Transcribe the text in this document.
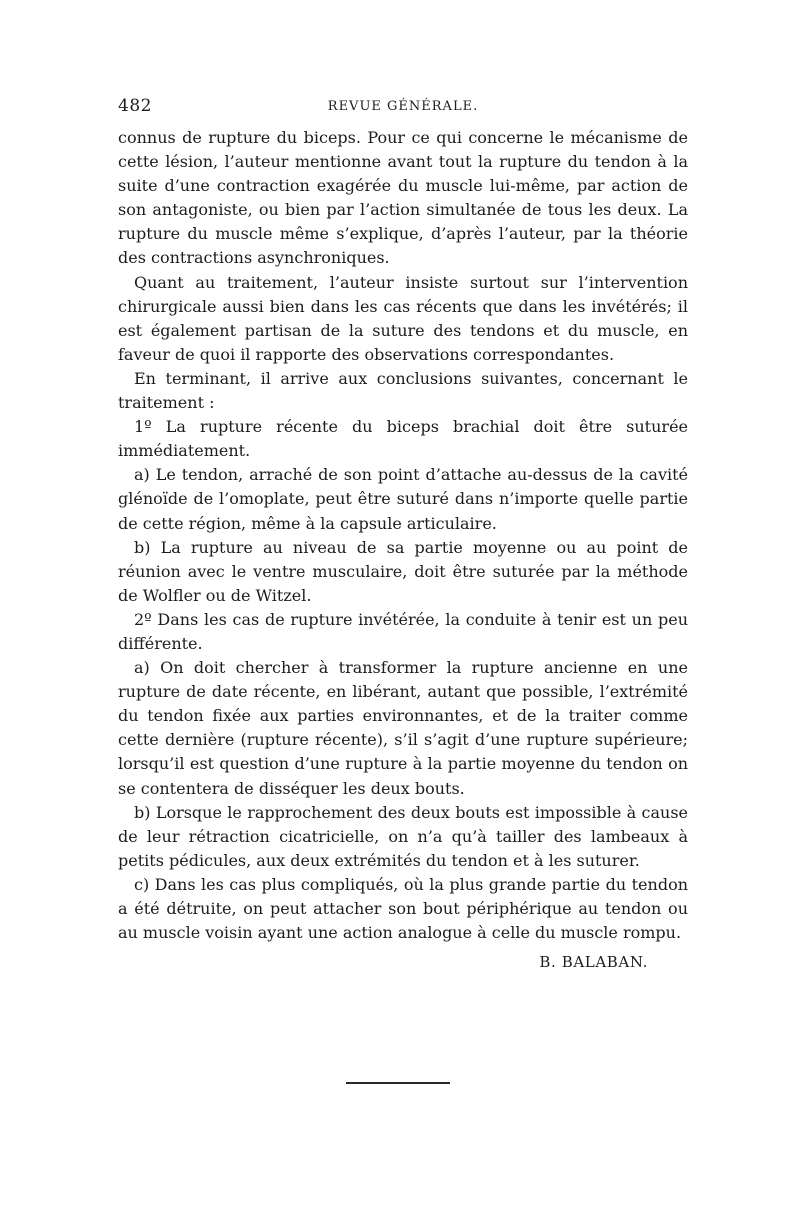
482	REVUE GÉNÉRALE.

connus de rupture du biceps. Pour ce qui concerne le mécanisme de cette lésion, l’auteur mentionne avant tout la rupture du tendon à la suite d’une contraction exagérée du muscle lui-même, par action de son antagoniste, ou bien par l’action simultanée de tous les deux. La rupture du muscle même s’explique, d’après l’auteur, par la théorie des contractions asynchroniques.

Quant au traitement, l’auteur insiste surtout sur l’intervention chirurgicale aussi bien dans les cas récents que dans les invétérés; il est également partisan de la suture des tendons et du muscle, en faveur de quoi il rapporte des observations correspondantes.

En terminant, il arrive aux conclusions suivantes, concernant le traitement :

1º La rupture récente du biceps brachial doit être suturée immédiatement.

a) Le tendon, arraché de son point d’attache au-dessus de la cavité glénoïde de l’omoplate, peut être suturé dans n’importe quelle partie de cette région, même à la capsule articulaire.

b) La rupture au niveau de sa partie moyenne ou au point de réunion avec le ventre musculaire, doit être suturée par la méthode de Wolfler ou de Witzel.

2º Dans les cas de rupture invétérée, la conduite à tenir est un peu différente.

a) On doit chercher à transformer la rupture ancienne en une rupture de date récente, en libérant, autant que possible, l’extrémité du tendon fixée aux parties environnantes, et de la traiter comme cette dernière (rupture récente), s’il s’agit d’une rupture supérieure; lorsqu’il est question d’une rupture à la partie moyenne du tendon on se contentera de disséquer les deux bouts.

b) Lorsque le rapprochement des deux bouts est impossible à cause de leur rétraction cicatricielle, on n’a qu’à tailler des lambeaux à petits pédicules, aux deux extrémités du tendon et à les suturer.

c) Dans les cas plus compliqués, où la plus grande partie du tendon a été détruite, on peut attacher son bout périphérique au tendon ou au muscle voisin ayant une action analogue à celle du muscle rompu.

B. BALABAN.
